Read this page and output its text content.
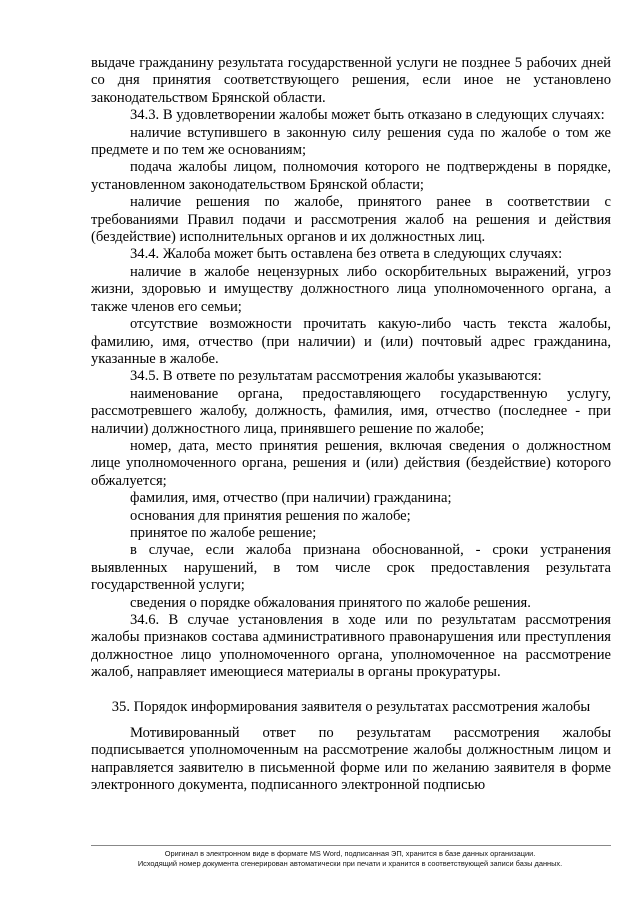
выдаче гражданину результата государственной услуги не позднее 5 рабочих дней со дня принятия соответствующего решения, если иное не установлено законодательством Брянской области.

34.3. В удовлетворении жалобы может быть отказано в следующих случаях:

наличие вступившего в законную силу решения суда по жалобе о том же предмете и по тем же основаниям;

подача жалобы лицом, полномочия которого не подтверждены в порядке, установленном законодательством Брянской области;

наличие решения по жалобе, принятого ранее в соответствии с требованиями Правил подачи и рассмотрения жалоб на решения и действия (бездействие) исполнительных органов и их должностных лиц.

34.4. Жалоба может быть оставлена без ответа в следующих случаях:

наличие в жалобе нецензурных либо оскорбительных выражений, угроз жизни, здоровью и имуществу должностного лица уполномоченного органа, а также членов его семьи;

отсутствие возможности прочитать какую-либо часть текста жалобы, фамилию, имя, отчество (при наличии) и (или) почтовый адрес гражданина, указанные в жалобе.

34.5. В ответе по результатам рассмотрения жалобы указываются:

наименование органа, предоставляющего государственную услугу, рассмотревшего жалобу, должность, фамилия, имя, отчество (последнее - при наличии) должностного лица, принявшего решение по жалобе;

номер, дата, место принятия решения, включая сведения о должностном лице уполномоченного органа, решения и (или) действия (бездействие) которого обжалуется;

фамилия, имя, отчество (при наличии) гражданина;

основания для принятия решения по жалобе;

принятое по жалобе решение;

в случае, если жалоба признана обоснованной, - сроки устранения выявленных нарушений, в том числе срок предоставления результата государственной услуги;

сведения о порядке обжалования принятого по жалобе решения.

34.6. В случае установления в ходе или по результатам рассмотрения жалобы признаков состава административного правонарушения или преступления должностное лицо уполномоченного органа, уполномоченное на рассмотрение жалоб, направляет имеющиеся материалы в органы прокуратуры.

35. Порядок информирования заявителя о результатах рассмотрения жалобы

Мотивированный ответ по результатам рассмотрения жалобы подписывается уполномоченным на рассмотрение жалобы должностным лицом и направляется заявителю в письменной форме или по желанию заявителя в форме электронного документа, подписанного электронной подписью

Оригинал в электронном виде в формате MS Word, подписанная ЭП, хранится в базе данных организации.
Исходящий номер документа сгенерирован автоматически при печати и хранится в соответствующей записи базы данных.
